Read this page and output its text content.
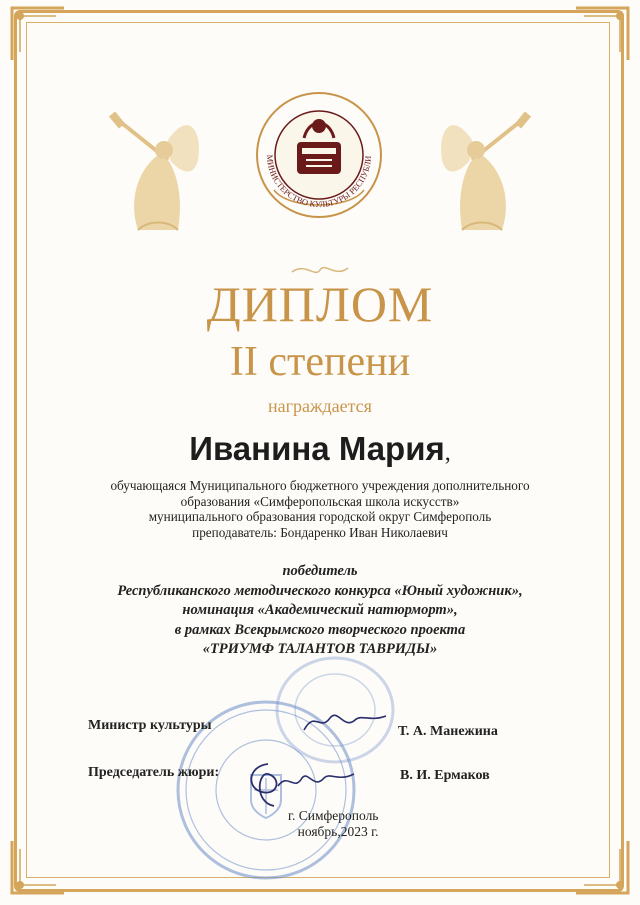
МИНИСТЕРСТВО КУЛЬТУРЫ РЕСПУБЛИ
ДИПЛОМ
II степени
награждается
Иванина Мария,
обучающаяся Муниципального бюджетного учреждения дополнительного
образования «Симферопольская школа искусств»
муниципального образования городской округ Симферополь
преподаватель: Бондаренко Иван Николаевич
победитель
Республиканского методического конкурса «Юный художник»,
номинация «Академический натюрморт»,
в рамках Всекрымского творческого проекта
«ТРИУМФ ТАЛАНТОВ ТАВРИДЫ»
Министр культуры	Т. А. Манежина
Председатель жюри:	В. И. Ермаков
г. Симферополь
ноябрь,2023 г.
